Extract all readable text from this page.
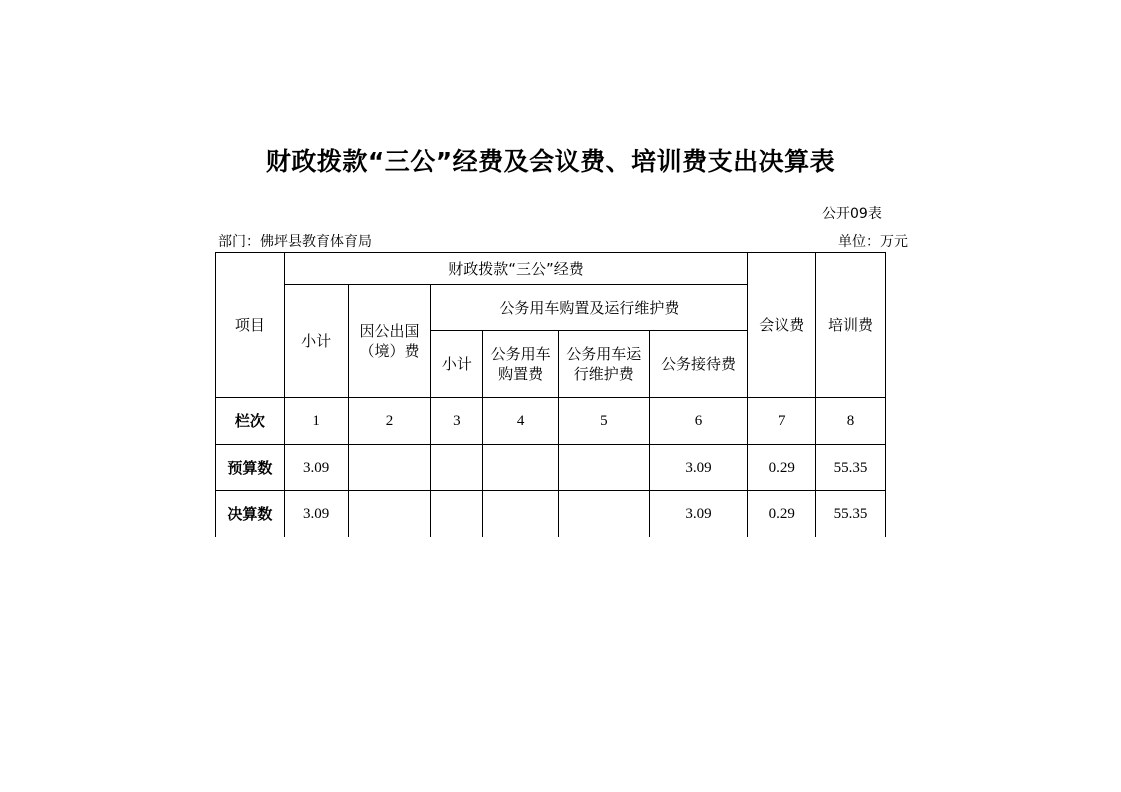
财政拨款“三公”经费及会议费、培训费支出决算表
公开09表
部门：佛坪县教育体育局	单位：万元
项目	财政拨款“三公”经费						会议费	培训费
	小计	因公出国（境）费	公务用车购置及运行维护费					
			小计	公务用车购置费	公务用车运行维护费	公务接待费		
栏次	1	2	3	4	5	6	7	8
预算数	3.09					3.09	0.29	55.35
决算数	3.09					3.09	0.29	55.35
